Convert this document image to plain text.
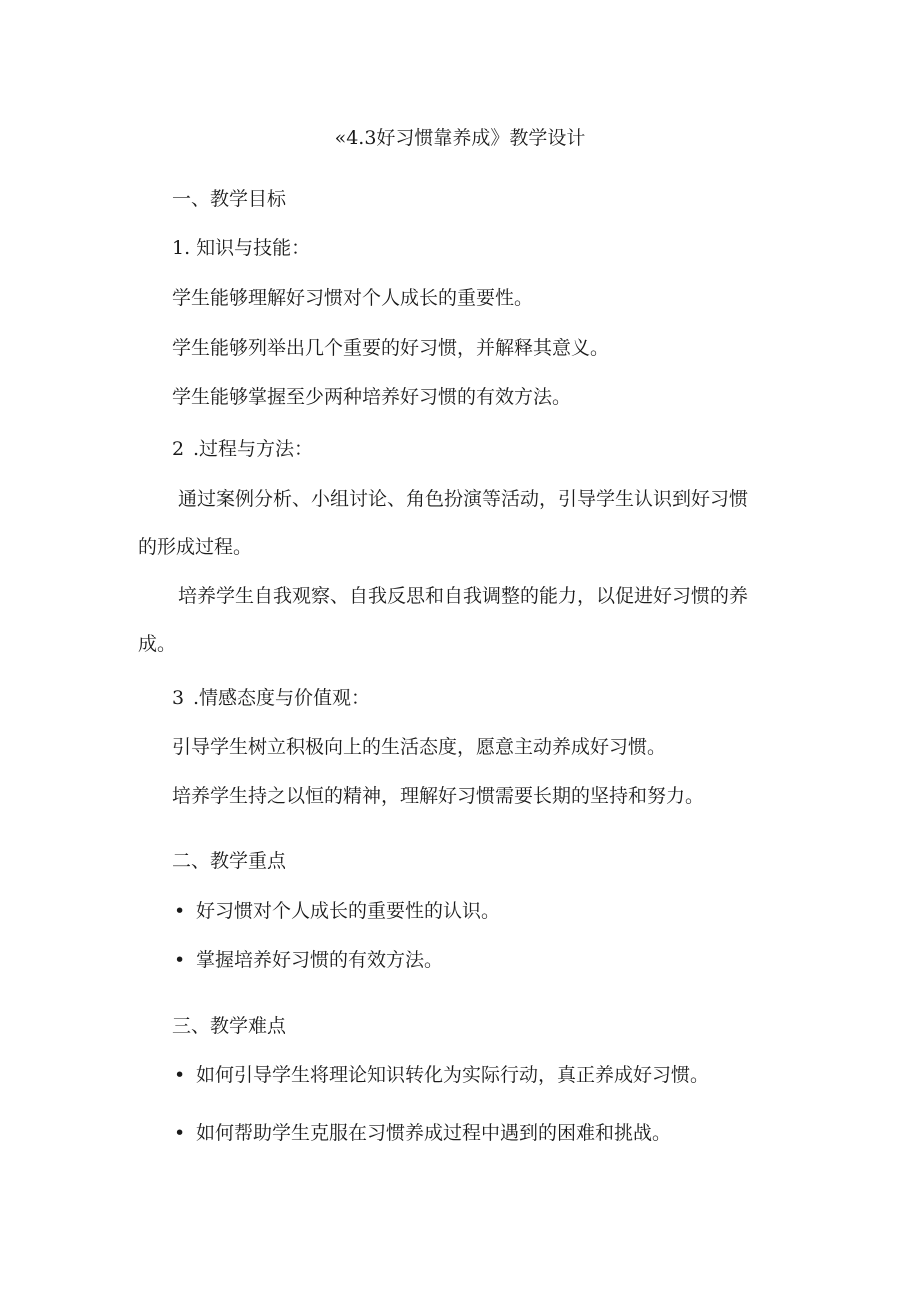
«4.3好习惯靠养成》教学设计
一、教学目标
1. 知识与技能：
学生能够理解好习惯对个人成长的重要性。
学生能够列举出几个重要的好习惯，并解释其意义。
学生能够掌握至少两种培养好习惯的有效方法。
2 .过程与方法：
通过案例分析、小组讨论、角色扮演等活动，引导学生认识到好习惯
的形成过程。
培养学生自我观察、自我反思和自我调整的能力，以促进好习惯的养
成。
3 .情感态度与价值观：
引导学生树立积极向上的生活态度，愿意主动养成好习惯。
培养学生持之以恒的精神，理解好习惯需要长期的坚持和努力。
二、教学重点
• 好习惯对个人成长的重要性的认识。
• 掌握培养好习惯的有效方法。
三、教学难点
• 如何引导学生将理论知识转化为实际行动，真正养成好习惯。
• 如何帮助学生克服在习惯养成过程中遇到的困难和挑战。
